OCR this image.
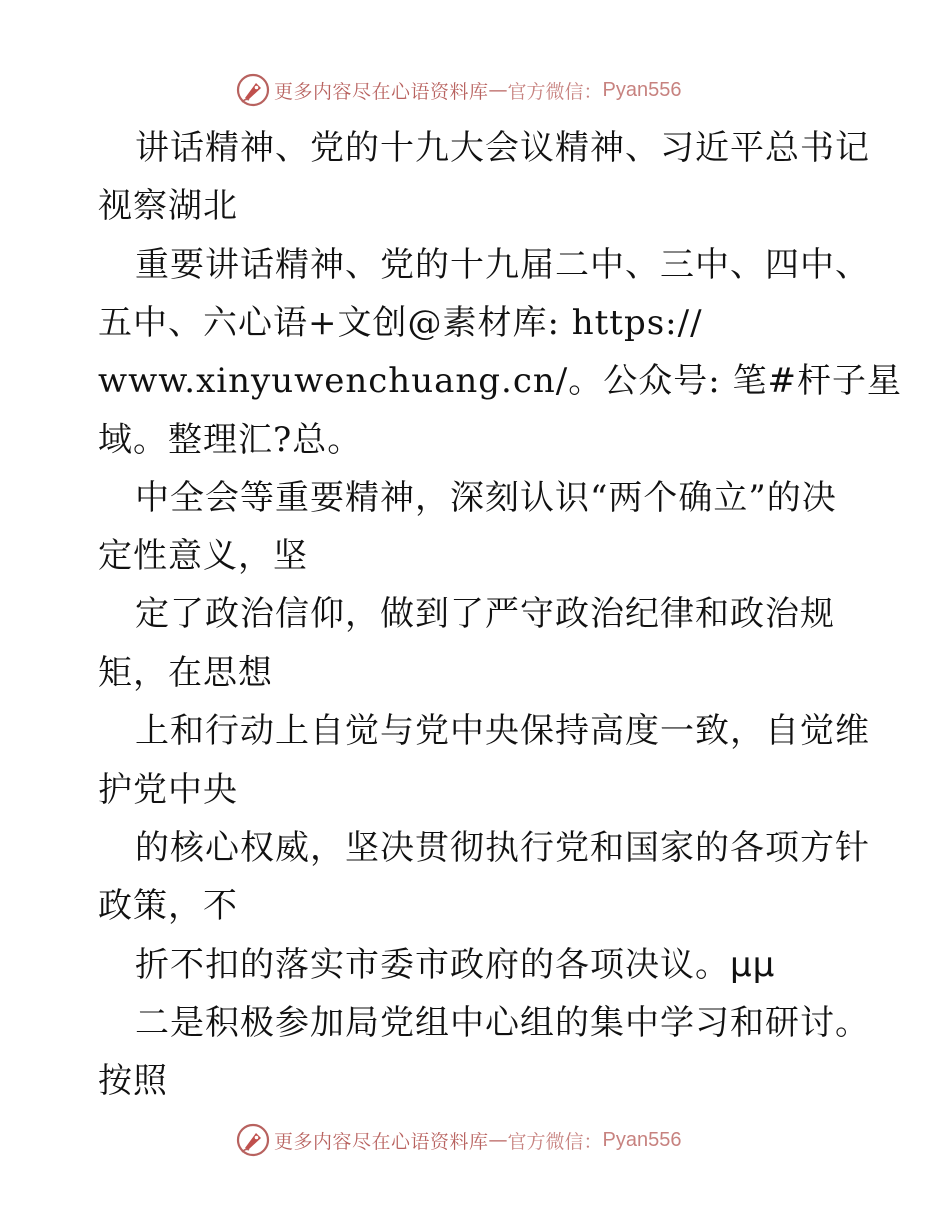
更多内容尽在心语资料库 — 官方微信： Pyan556
讲话精神、党的十九大会议精神、习近平总书记
视察湖北
重要讲话精神、党的十九届二中、三中、四中、
五中、六心语+文创@素材库: https://
www.xinyuwenchuang.cn/。公众号: 笔#杆子星
域。整理汇?总。
中全会等重要精神，深刻认识“两个确立”的决
定性意义，坚
定了政治信仰，做到了严守政治纪律和政治规
矩，在思想
上和行动上自觉与党中央保持高度一致，自觉维
护党中央
的核心权威，坚决贯彻执行党和国家的各项方针
政策，不
折不扣的落实市委市政府的各项决议。µµ
二是积极参加局党组中心组的集中学习和研讨。
按照
更多内容尽在心语资料库 — 官方微信： Pyan556
